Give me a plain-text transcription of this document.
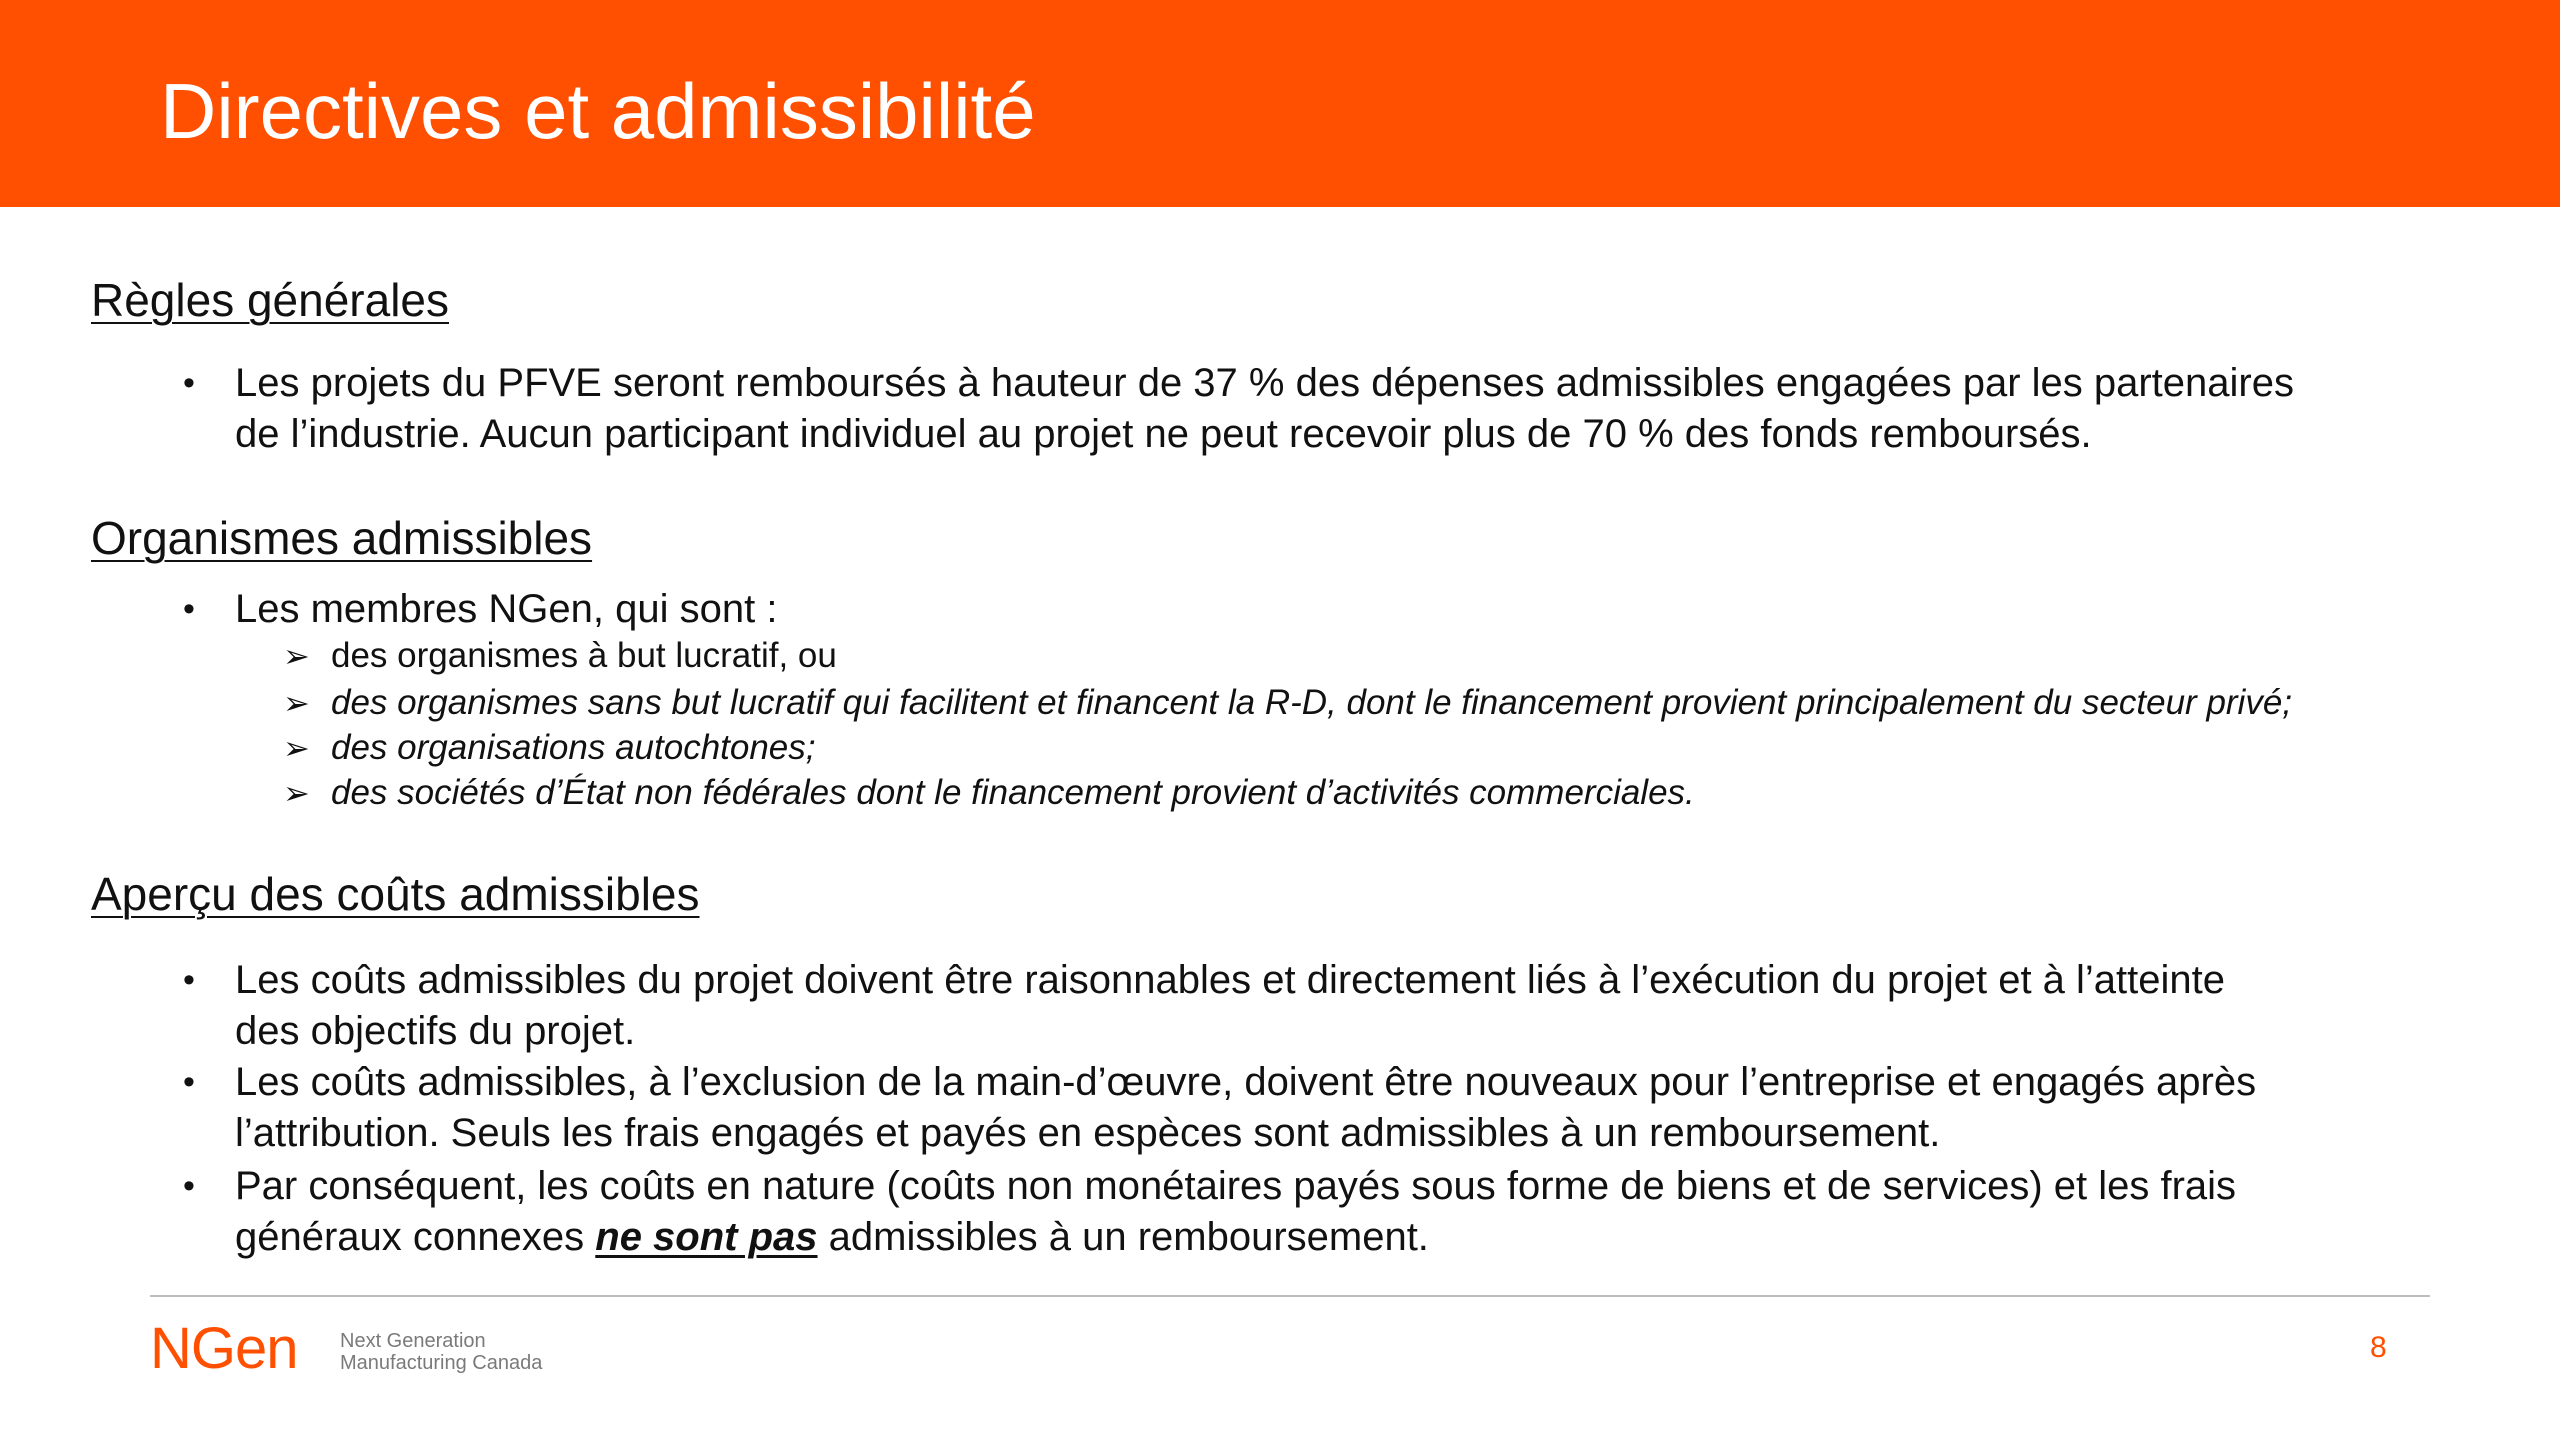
Directives et admissibilité
Règles générales
• Les projets du PFVE seront remboursés à hauteur de 37 % des dépenses admissibles engagées par les partenaires
de l’industrie. Aucun participant individuel au projet ne peut recevoir plus de 70 % des fonds remboursés.
Organismes admissibles
• Les membres NGen, qui sont :
➢ des organismes à but lucratif, ou
➢ des organismes sans but lucratif qui facilitent et financent la R-D, dont le financement provient principalement du secteur privé;
➢ des organisations autochtones;
➢ des sociétés d’État non fédérales dont le financement provient d’activités commerciales.
Aperçu des coûts admissibles
• Les coûts admissibles du projet doivent être raisonnables et directement liés à l’exécution du projet et à l’atteinte
des objectifs du projet.
• Les coûts admissibles, à l’exclusion de la main-d’œuvre, doivent être nouveaux pour l’entreprise et engagés après
l’attribution. Seuls les frais engagés et payés en espèces sont admissibles à un remboursement.
• Par conséquent, les coûts en nature (coûts non monétaires payés sous forme de biens et de services) et les frais
généraux connexes ne sont pas admissibles à un remboursement.
NGen Next Generation
Manufacturing Canada	8
